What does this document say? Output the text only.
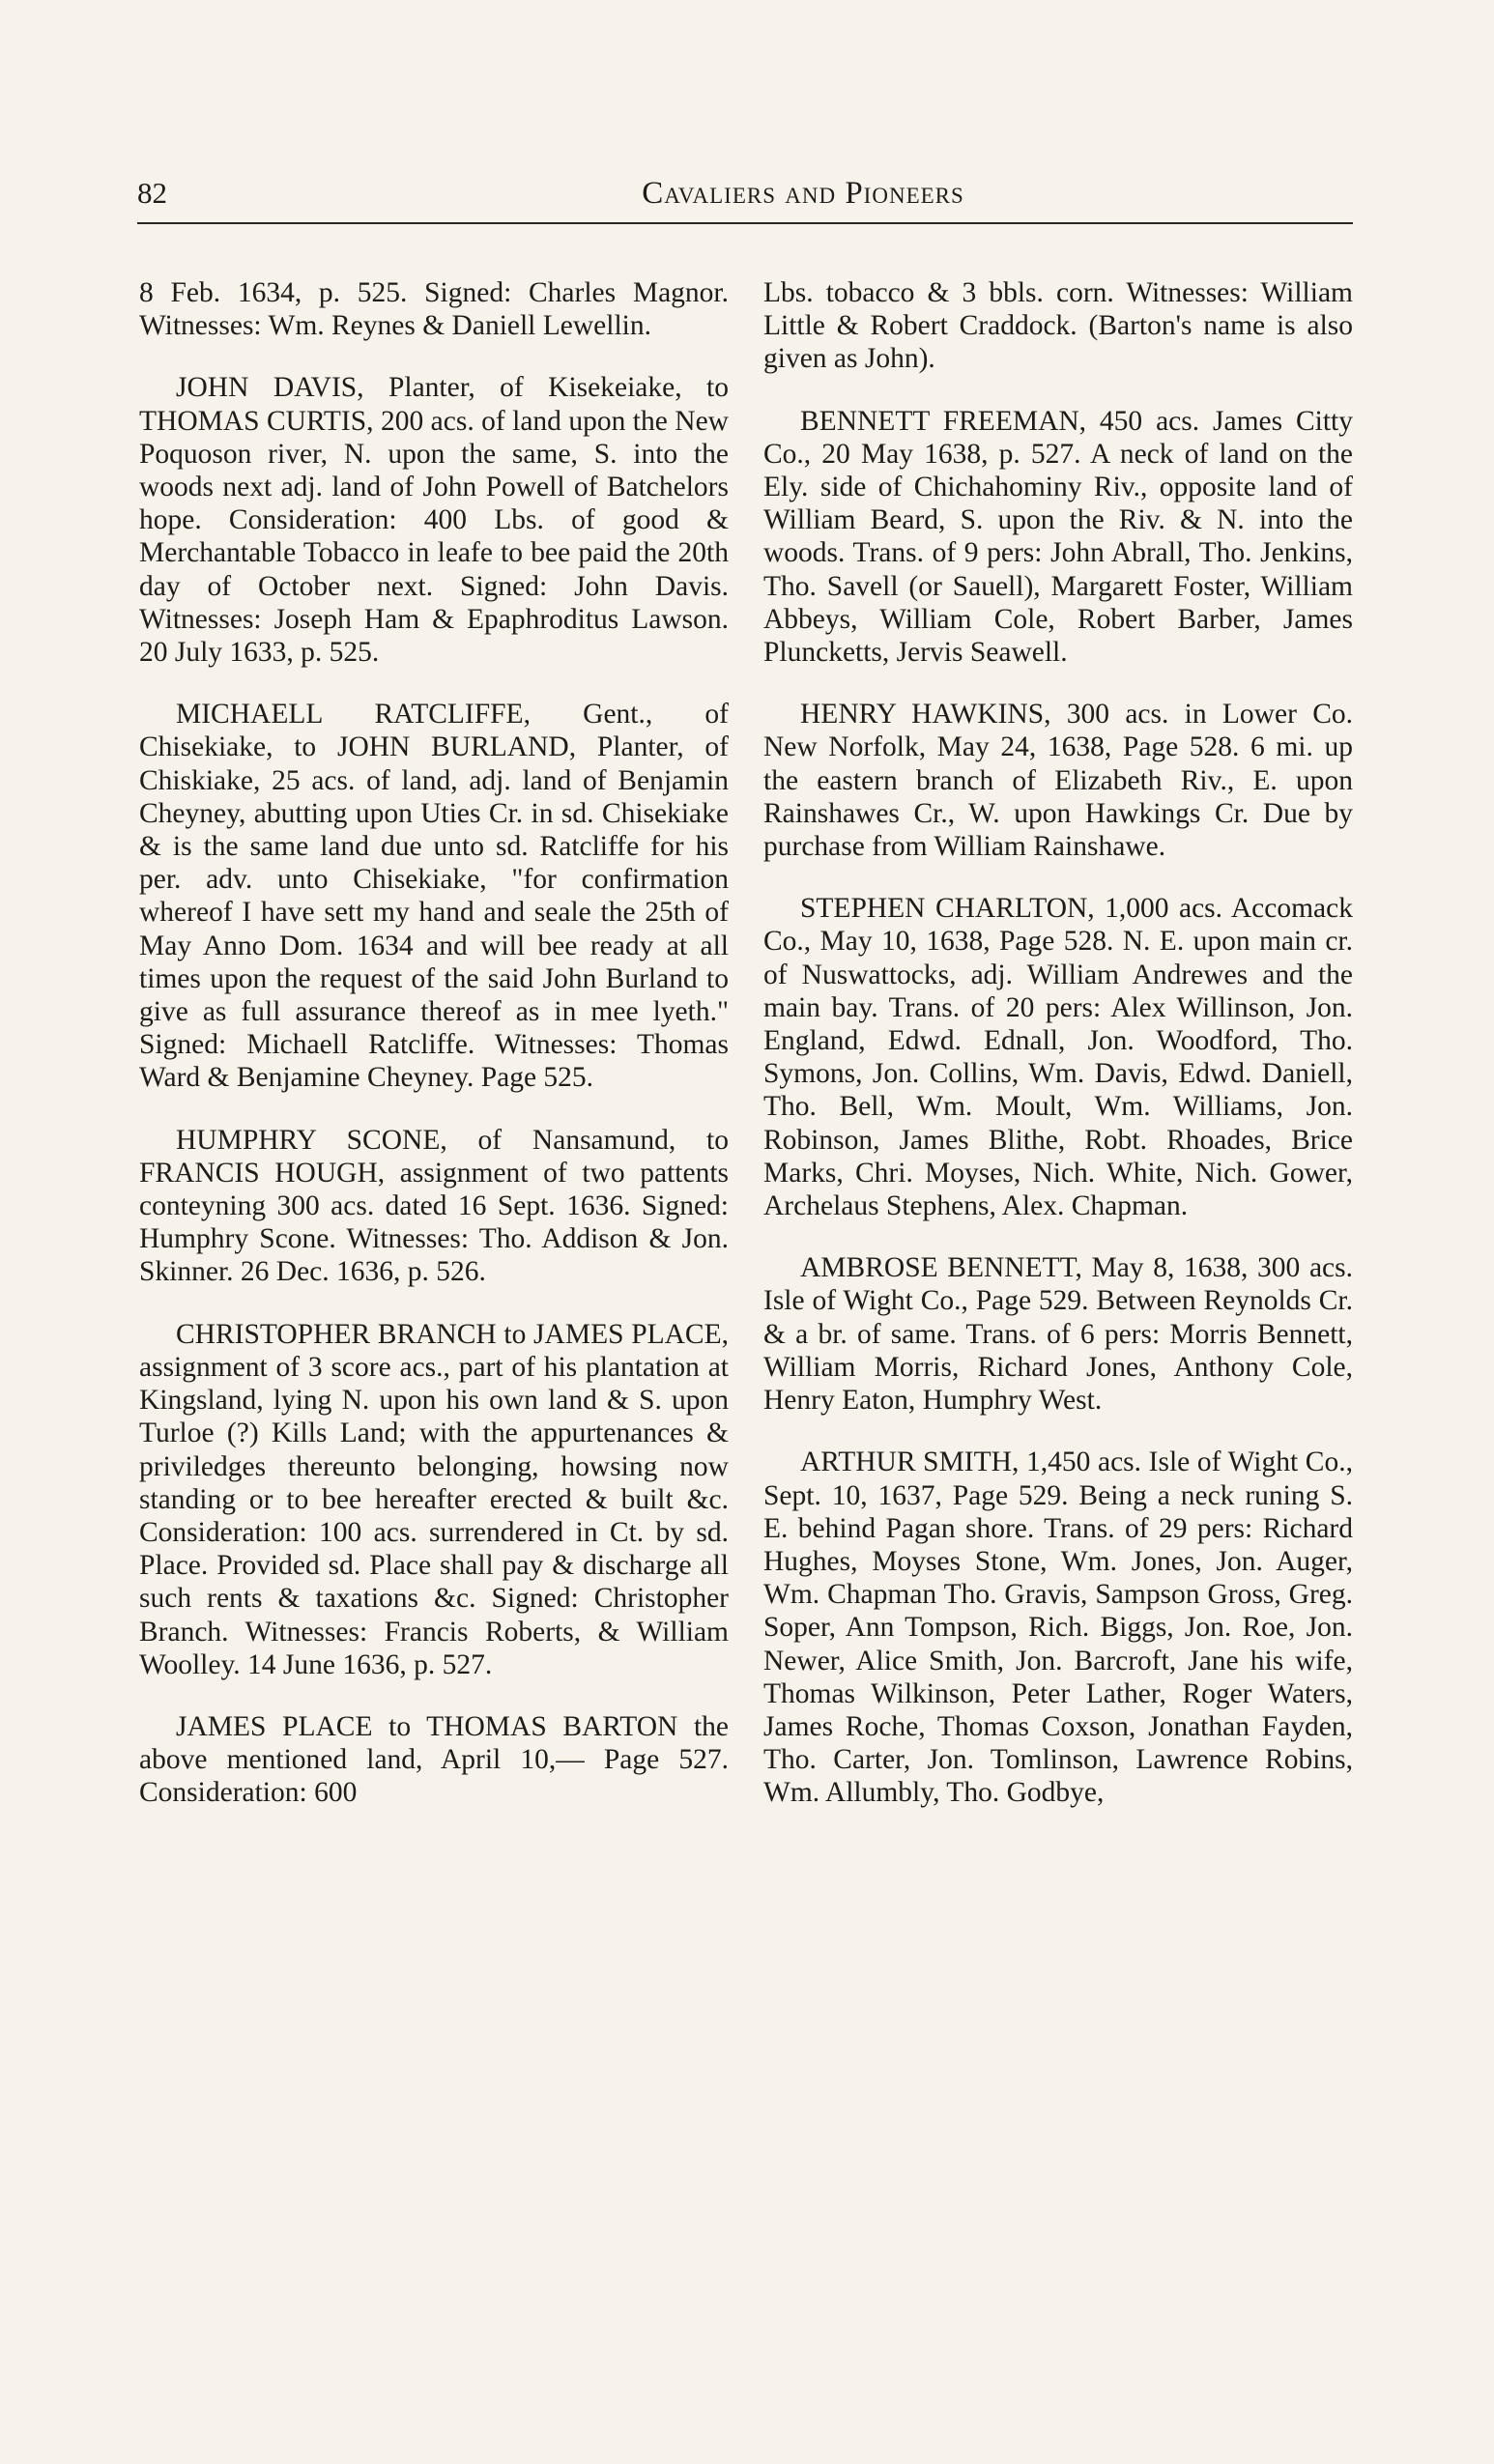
82	Cavaliers and Pioneers

8 Feb. 1634, p. 525. Signed: Charles Magnor. Witnesses: Wm. Reynes & Daniell Lewellin.

JOHN DAVIS, Planter, of Kisekeiake, to THOMAS CURTIS, 200 acs. of land upon the New Poquoson river, N. upon the same, S. into the woods next adj. land of John Powell of Batchelors hope. Consideration: 400 Lbs. of good & Merchantable Tobacco in leafe to bee paid the 20th day of October next. Signed: John Davis. Witnesses: Joseph Ham & Epaphroditus Lawson. 20 July 1633, p. 525.

MICHAELL RATCLIFFE, Gent., of Chisekiake, to JOHN BURLAND, Planter, of Chiskiake, 25 acs. of land, adj. land of Benjamin Cheyney, abutting upon Uties Cr. in sd. Chisekiake & is the same land due unto sd. Ratcliffe for his per. adv. unto Chisekiake, "for confirmation whereof I have sett my hand and seale the 25th of May Anno Dom. 1634 and will bee ready at all times upon the request of the said John Burland to give as full assurance thereof as in mee lyeth." Signed: Michaell Ratcliffe. Witnesses: Thomas Ward & Benjamine Cheyney. Page 525.

HUMPHRY SCONE, of Nansamund, to FRANCIS HOUGH, assignment of two pattents conteyning 300 acs. dated 16 Sept. 1636. Signed: Humphry Scone. Witnesses: Tho. Addison & Jon. Skinner. 26 Dec. 1636, p. 526.

CHRISTOPHER BRANCH to JAMES PLACE, assignment of 3 score acs., part of his plantation at Kingsland, lying N. upon his own land & S. upon Turloe (?) Kills Land; with the appurtenances & priviledges thereunto belonging, howsing now standing or to bee hereafter erected & built &c. Consideration: 100 acs. surrendered in Ct. by sd. Place. Provided sd. Place shall pay & discharge all such rents & taxations &c. Signed: Christopher Branch. Witnesses: Francis Roberts, & William Woolley. 14 June 1636, p. 527.

JAMES PLACE to THOMAS BARTON the above mentioned land, April 10,— Page 527. Consideration: 600

Lbs. tobacco & 3 bbls. corn. Witnesses: William Little & Robert Craddock. (Barton's name is also given as John).

BENNETT FREEMAN, 450 acs. James Citty Co., 20 May 1638, p. 527. A neck of land on the Ely. side of Chichahominy Riv., opposite land of William Beard, S. upon the Riv. & N. into the woods. Trans. of 9 pers: John Abrall, Tho. Jenkins, Tho. Savell (or Sauell), Margarett Foster, William Abbeys, William Cole, Robert Barber, James Pluncketts, Jervis Seawell.

HENRY HAWKINS, 300 acs. in Lower Co. New Norfolk, May 24, 1638, Page 528. 6 mi. up the eastern branch of Elizabeth Riv., E. upon Rainshawes Cr., W. upon Hawkings Cr. Due by purchase from William Rainshawe.

STEPHEN CHARLTON, 1,000 acs. Accomack Co., May 10, 1638, Page 528. N. E. upon main cr. of Nuswattocks, adj. William Andrewes and the main bay. Trans. of 20 pers: Alex Willinson, Jon. England, Edwd. Ednall, Jon. Woodford, Tho. Symons, Jon. Collins, Wm. Davis, Edwd. Daniell, Tho. Bell, Wm. Moult, Wm. Williams, Jon. Robinson, James Blithe, Robt. Rhoades, Brice Marks, Chri. Moyses, Nich. White, Nich. Gower, Archelaus Stephens, Alex. Chapman.

AMBROSE BENNETT, May 8, 1638, 300 acs. Isle of Wight Co., Page 529. Between Reynolds Cr. & a br. of same. Trans. of 6 pers: Morris Bennett, William Morris, Richard Jones, Anthony Cole, Henry Eaton, Humphry West.

ARTHUR SMITH, 1,450 acs. Isle of Wight Co., Sept. 10, 1637, Page 529. Being a neck runing S. E. behind Pagan shore. Trans. of 29 pers: Richard Hughes, Moyses Stone, Wm. Jones, Jon. Auger, Wm. Chapman Tho. Gravis, Sampson Gross, Greg. Soper, Ann Tompson, Rich. Biggs, Jon. Roe, Jon. Newer, Alice Smith, Jon. Barcroft, Jane his wife, Thomas Wilkinson, Peter Lather, Roger Waters, James Roche, Thomas Coxson, Jonathan Fayden, Tho. Carter, Jon. Tomlinson, Lawrence Robins, Wm. Allumbly, Tho. Godbye,
